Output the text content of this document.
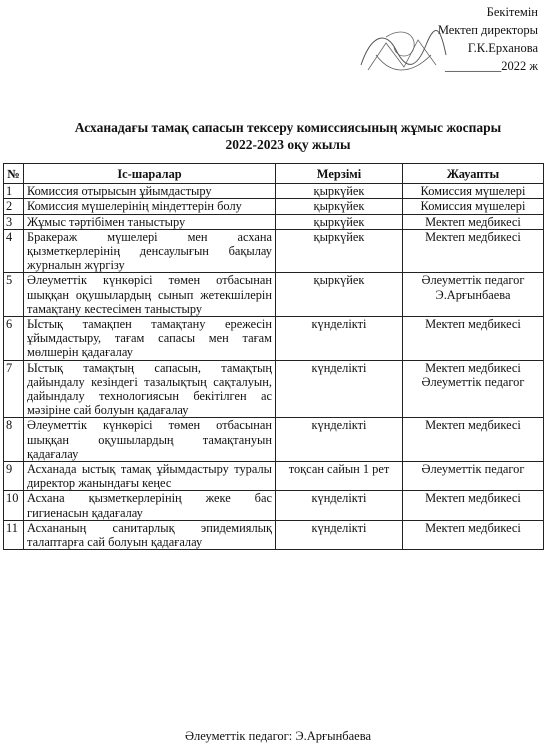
Бекітемін
Мектеп директоры
Г.К.Ерханова
_________2022 ж
Асханадағы тамақ сапасын тексеру комиссиясының жұмыс жоспары
2022-2023 оқу жылы
№	Іс-шаралар	Мерзімі	Жауапты
1	Комиссия отырысын ұйымдастыру	қыркүйек	Комиссия мүшелері
2	Комиссия мүшелерінің міндеттерін болу	қыркүйек	Комиссия мүшелері
3	Жұмыс тәртібімен таныстыру	қыркүйек	Мектеп медбикесі
4	Бракераж мүшелері мен асхана қызметкерлерінің денсаулығын бақылау журналын жүргізу	қыркүйек	Мектеп медбикесі
5	Әлеуметтік күнкөрісі төмен отбасынан шыққан оқушылардың сынып жетекшілерін тамақтану кестесімен таныстыру	қыркүйек	Әлеуметтік педагог Э.Арғынбаева
6	Ыстық тамақпен тамақтану ережесін ұйымдастыру, тағам сапасы мен тағам мөлшерін қадағалау	күнделікті	Мектеп медбикесі
7	Ыстық тамақтың сапасын, тамақтың дайындалу кезіндегі тазалықтың сақталуын, дайындалу технологиясын бекітілген ас мәзіріне сай болуын қадағалау	күнделікті	Мектеп медбикесі Әлеуметтік педагог
8	Әлеуметтік күнкөрісі төмен отбасынан шыққан оқушылардың тамақтануын қадағалау	күнделікті	Мектеп медбикесі
9	Асханада ыстық тамақ ұйымдастыру туралы директор жанындағы кеңес	тоқсан сайын 1 рет	Әлеуметтік педагог
10	Асхана қызметкерлерінің жеке бас гигиенасын қадағалау	күнделікті	Мектеп медбикесі
11	Асхананың санитарлық эпидемиялық талаптарға сай болуын қадағалау	күнделікті	Мектеп медбикесі
Әлеуметтік педагог: Э.Арғынбаева
